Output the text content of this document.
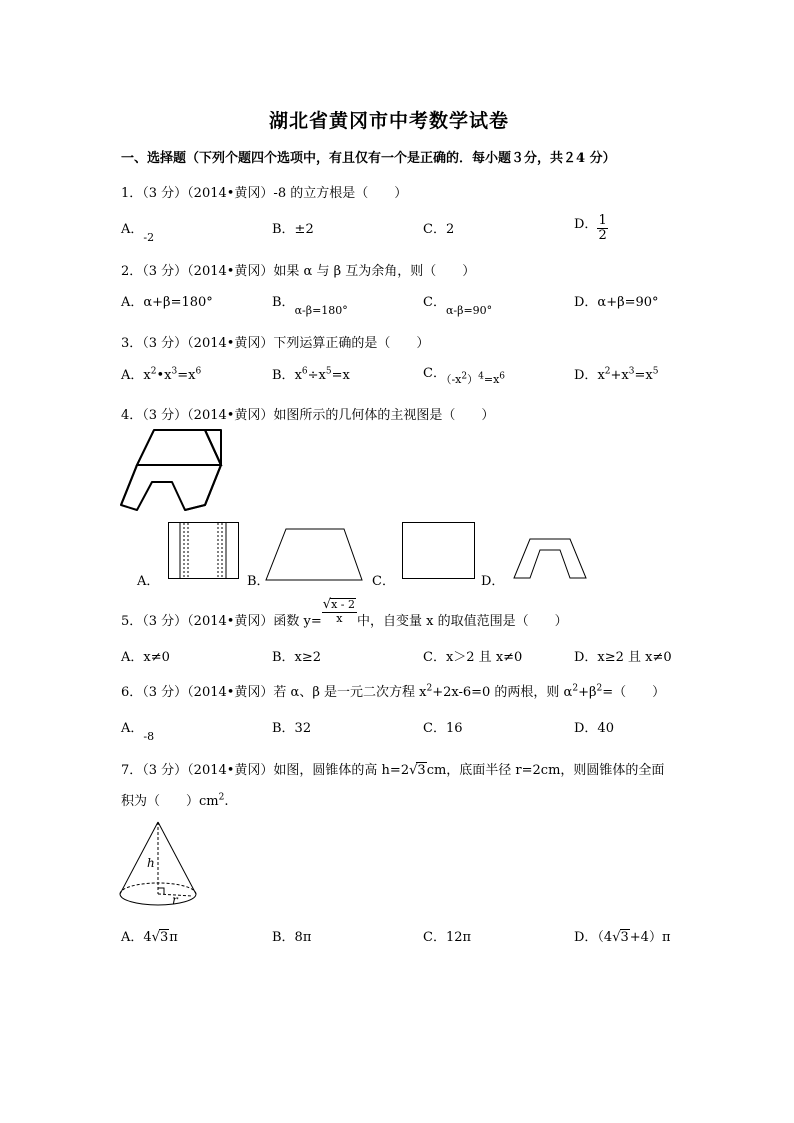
湖北省黄冈市中考数学试卷
一、选择题（下列个题四个选项中，有且仅有一个是正确的．每小题３分，共２4 分）
1．（3 分）（2014•黄冈）-8 的立方根是（　　）
A．$_{-2}$
B．±2	C．2	D． $\frac{1}{2}$
2．（3 分）（2014•黄冈）如果 α 与 β 互为余角，则（　　）
A．α+β=180°	B．$_{\alpha-\beta=180^\circ}$
C．$_{\alpha-\beta=90^\circ}$
D．α+β=90°
3．（3 分）（2014•黄冈）下列运算正确的是（　　）
A．$x^2•x^3=x^6$	B．$x^6\div x^5=x$	C．$_{(-x^2)^4=x^6}$	D．$x^2+x^3=x^5$
4．（3 分）（2014•黄冈）如图所示的几何体的主视图是（　　）
A．	B．	C．	D．
5．（3 分）（2014•黄冈）函数 $y= \frac{√x - 2}{x}$ 中，自变量 x 的取值范围是（　　）
A．x≠0	B．x≥2	C．x＞2 且 x≠0	D．x≥2 且 x≠0
6．（3 分）（2014•黄冈）若 α、β 是一元二次方程 $x^2+2x-6=0$ 的两根，则 $\alpha^2+\beta^2=$（　　）
A．$_{-8}$
B．32	C．16	D．40
7．（3 分）（2014•黄冈）如图，圆锥体的高 h=2√3cm，底面半径 r=2cm，则圆锥体的全面
积为（　　）$cm^2$.
h
r
A．4√3π	B．8π	C．12π	D．（4√3+4）π
